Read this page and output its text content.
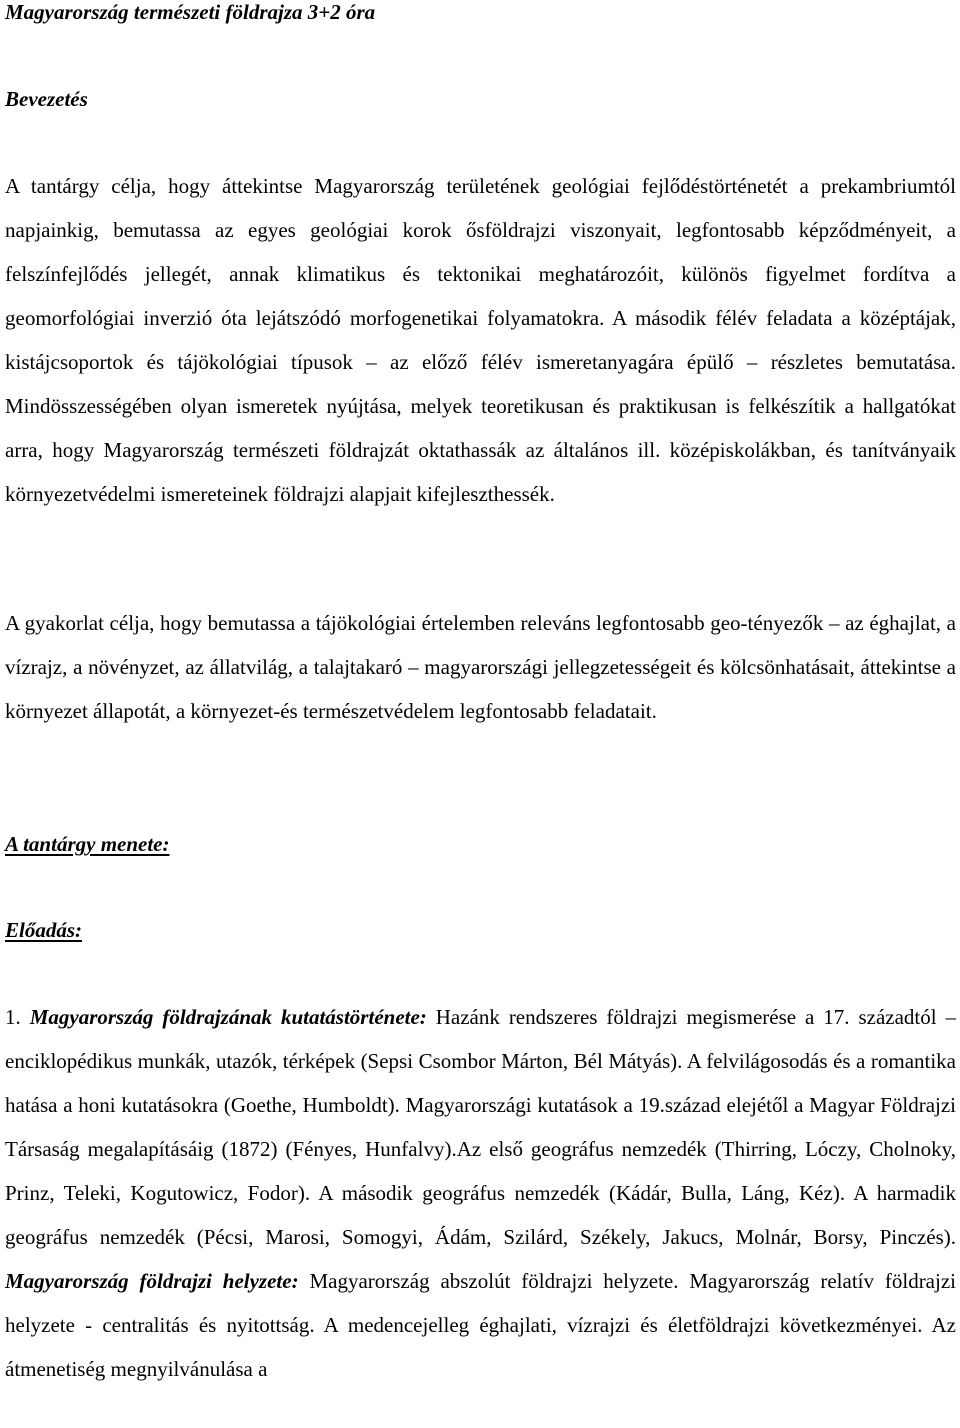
Magyarország természeti földrajza 3+2 óra
Bevezetés

A tantárgy célja, hogy áttekintse Magyarország területének geológiai fejlődéstörténetét a prekambriumtól napjainkig, bemutassa az egyes geológiai korok ősföldrajzi viszonyait, legfontosabb képződményeit, a felszínfejlődés jellegét, annak klimatikus és tektonikai meghatározóit, különös figyelmet fordítva a geomorfológiai inverzió óta lejátszódó morfogenetikai folyamatokra. A második félév feladata a középtájak, kistájcsoportok és tájökológiai típusok – az előző félév ismeretanyagára épülő – részletes bemutatása. Mindösszességében olyan ismeretek nyújtása, melyek teoretikusan és praktikusan is felkészítik a hallgatókat arra, hogy Magyarország természeti földrajzát oktathassák az általános ill. középiskolákban, és tanítványaik környezetvédelmi ismereteinek földrajzi alapjait kifejleszthessék.

A gyakorlat célja, hogy bemutassa a tájökológiai értelemben releváns legfontosabb geo-tényezők – az éghajlat, a vízrajz, a növényzet, az állatvilág, a talajtakaró – magyarországi jellegzetességeit és kölcsönhatásait, áttekintse a környezet állapotát, a környezet-és természetvédelem legfontosabb feladatait.

A tantárgy menete:
Előadás:

1. Magyarország földrajzának kutatástörténete: Hazánk rendszeres földrajzi megismerése a 17. századtól – enciklopédikus munkák, utazók, térképek (Sepsi Csombor Márton, Bél Mátyás). A felvilágosodás és a romantika hatása a honi kutatásokra (Goethe, Humboldt). Magyarországi kutatások a 19.század elejétől a Magyar Földrajzi Társaság megalapításáig (1872) (Fényes, Hunfalvy).Az első geográfus nemzedék (Thirring, Lóczy, Cholnoky, Prinz, Teleki, Kogutowicz, Fodor). A második geográfus nemzedék (Kádár, Bulla, Láng, Kéz). A harmadik geográfus nemzedék (Pécsi, Marosi, Somogyi, Ádám, Szilárd, Székely, Jakucs, Molnár, Borsy, Pinczés). Magyarország földrajzi helyzete: Magyarország abszolút földrajzi helyzete. Magyarország relatív földrajzi helyzete - centralitás és nyitottság. A medencejelleg éghajlati, vízrajzi és életföldrajzi következményei. Az átmenetiség megnyilvánulása a
